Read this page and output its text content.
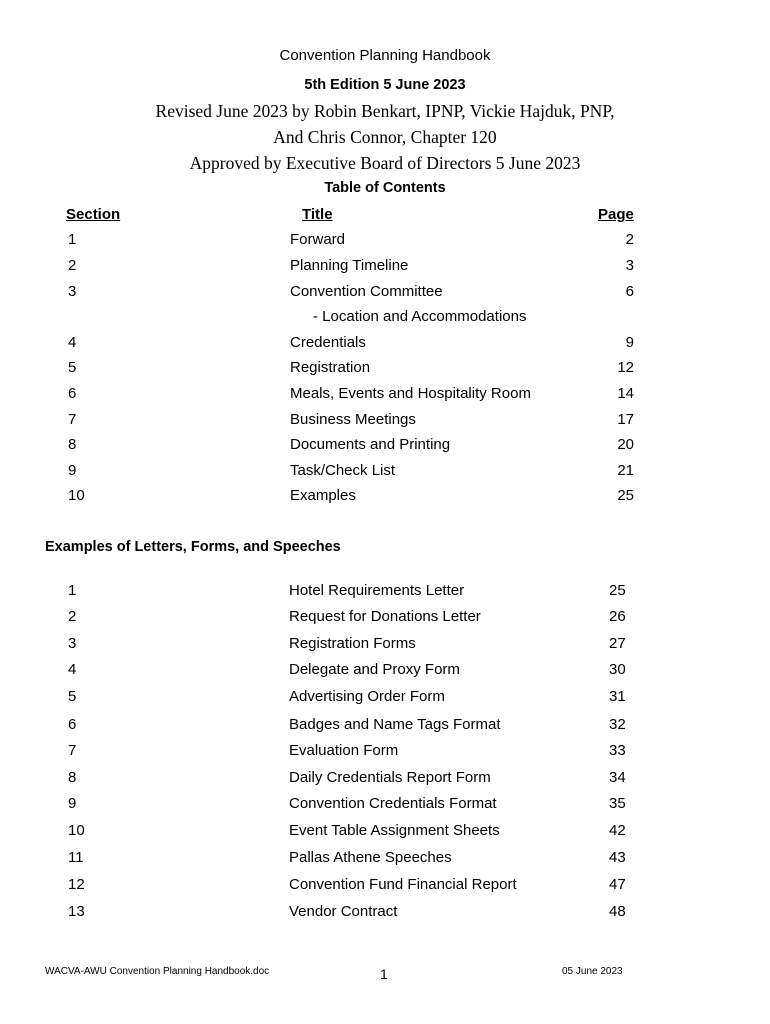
Convention Planning Handbook
5th Edition 5 June 2023
Revised June 2023 by Robin Benkart, IPNP, Vickie Hajduk, PNP,
And Chris Connor, Chapter 120
Approved by Executive Board of Directors 5 June 2023
Table of Contents
Section	Title	Page
1	Forward	2
2	Planning Timeline	3
3	Convention Committee	6
- Location and Accommodations
4	Credentials	9
5	Registration	12
6	Meals, Events and Hospitality Room	14
7	Business Meetings	17
8	Documents and Printing	20
9	Task/Check List	21
10	Examples	25
Examples of Letters, Forms, and Speeches
1	Hotel Requirements Letter	25
2	Request for Donations Letter	26
3	Registration Forms	27
4	Delegate and Proxy Form	30
5	Advertising Order Form	31
6	Badges and Name Tags Format	32
7	Evaluation Form	33
8	Daily Credentials Report Form	34
9	Convention Credentials Format	35
10	Event Table Assignment Sheets	42
11	Pallas Athene Speeches	43
12	Convention Fund Financial Report	47
13	Vendor Contract	48
WACVA-AWU Convention Planning Handbook.doc	1	05 June 2023
